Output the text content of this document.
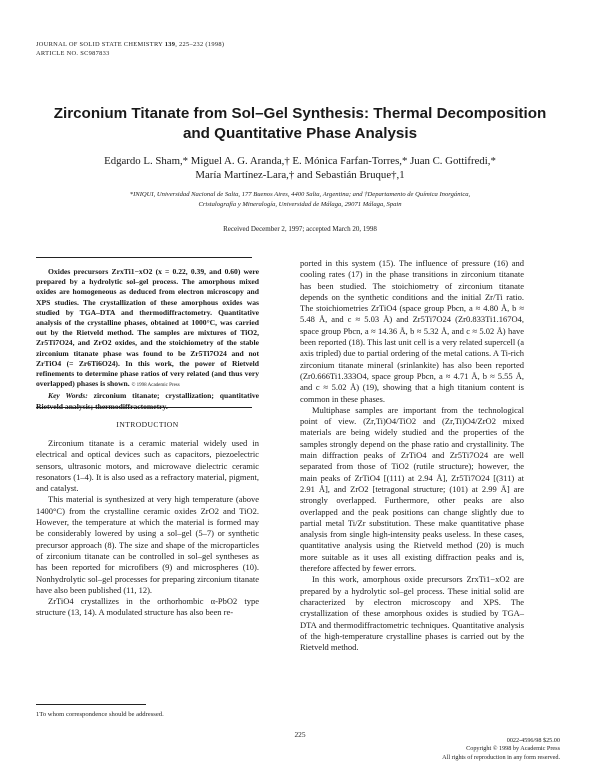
JOURNAL OF SOLID STATE CHEMISTRY 139, 225–232 (1998)
ARTICLE NO. SC987833
Zirconium Titanate from Sol–Gel Synthesis: Thermal Decomposition
and Quantitative Phase Analysis
Edgardo L. Sham,* Miguel A. G. Aranda,† E. Mónica Farfan-Torres,* Juan C. Gottifredi,*
María Martínez-Lara,† and Sebastián Bruque†,1
*INIQUI, Universidad Nacional de Salta, 177 Buenos Aires, 4400 Salta, Argentina; and †Departamento de Química Inorgánica,
Cristalografía y Mineralogía, Universidad de Málaga, 29071 Málaga, Spain
Received December 2, 1997; accepted March 20, 1998

Oxides precursors ZrxTi1−xO2 (x = 0.22, 0.39, and 0.60) were prepared by a hydrolytic sol–gel process. The amorphous mixed oxides are homogeneous as deduced from electron microscopy and XPS studies. The crystallization of these amorphous oxides was studied by TGA–DTA and thermodiffractometry. Quantitative analysis of the crystalline phases, obtained at 1000°C, was carried out by the Rietveld method. The samples are mixtures of TiO2, Zr5Ti7O24, and ZrO2 oxides, and the stoichiometry of the stable zirconium titanate phase was found to be Zr5Ti7O24 and not ZrTiO4 (= Zr6Ti6O24). In this work, the power of Rietveld refinements to determine phase ratios of very related (and thus very overlapped) phases is shown. © 1998 Academic Press

Key Words: zirconium titanate; crystallization; quantitative Rietveld analysis; thermodiffractometry.

INTRODUCTION

Zirconium titanate is a ceramic material widely used in electrical and optical devices such as capacitors, piezoelectric sensors, ultrasonic motors, and microwave dielectric ceramic resonators (1–4). It is also used as a refractory material, pigment, and catalyst.

This material is synthesized at very high temperature (above 1400°C) from the crystalline ceramic oxides ZrO2 and TiO2. However, the temperature at which the material is formed may be considerably lowered by using a sol–gel (5–7) or synthetic precursor approach (8). The size and shape of the microparticles of zirconium titanate can be controlled in sol–gel syntheses as has been reported for microfibers (9) and microspheres (10). Nonhydrolytic sol–gel processes for preparing zirconium titanate have also been published (11, 12).

ZrTiO4 crystallizes in the orthorhombic α-PbO2 type structure (13, 14). A modulated structure has also been re-

ported in this system (15). The influence of pressure (16) and cooling rates (17) in the phase transitions in zirconium titanate has been studied. The stoichiometry of zirconium titanate depends on the synthetic conditions and the initial Zr/Ti ratio. The stoichiometries ZrTiO4 (space group Pbcn, a ≈ 4.80 Å, b ≈ 5.48 Å, and c ≈ 5.03 Å) and Zr5Ti7O24 (Zr0.833Ti1.167O4, space group Pbcn, a ≈ 14.36 Å, b ≈ 5.32 Å, and c ≈ 5.02 Å) have been reported (18). This last unit cell is a very related supercell (a axis tripled) due to partial ordering of the metal cations. A Ti-rich zirconium titanate mineral (srinlankite) has also been reported (Zr0.666Ti1.333O4, space group Pbcn, a ≈ 4.71 Å, b ≈ 5.55 Å, and c ≈ 5.02 Å) (19), showing that a high titanium content is common in these phases.

Multiphase samples are important from the technological point of view. (Zr,Ti)O4/TiO2 and (Zr,Ti)O4/ZrO2 mixed materials are being widely studied and the properties of the samples strongly depend on the phase ratio and crystallinity. The main diffraction peaks of ZrTiO4 and Zr5Ti7O24 are well separated from those of TiO2 (rutile structure); however, the main peaks of ZrTiO4 [(111) at 2.94 Å], Zr5Ti7O24 [(311) at 2.91 Å], and ZrO2 [tetragonal structure; (101) at 2.99 Å] are strongly overlapped. Furthermore, other peaks are also overlapped and the peak positions can change slightly due to partial metal Ti/Zr substitution. These make quantitative phase analysis from single high-intensity peaks useless. In these cases, quantitative analysis using the Rietveld method (20) is much more suitable as it uses all existing diffraction peaks and is, therefore affected by fewer errors.

In this work, amorphous oxide precursors ZrxTi1−xO2 are prepared by a hydrolytic sol–gel process. These initial solid are characterized by electron microscopy and XPS. The crystallization of these amorphous oxides is studied by TGA–DTA and thermodiffractometric techniques. Quantitative analysis of the high-temperature crystalline phases is carried out by the Rietveld method.

1To whom correspondence should be addressed.
225
0022-4596/98 $25.00
Copyright © 1998 by Academic Press
All rights of reproduction in any form reserved.
